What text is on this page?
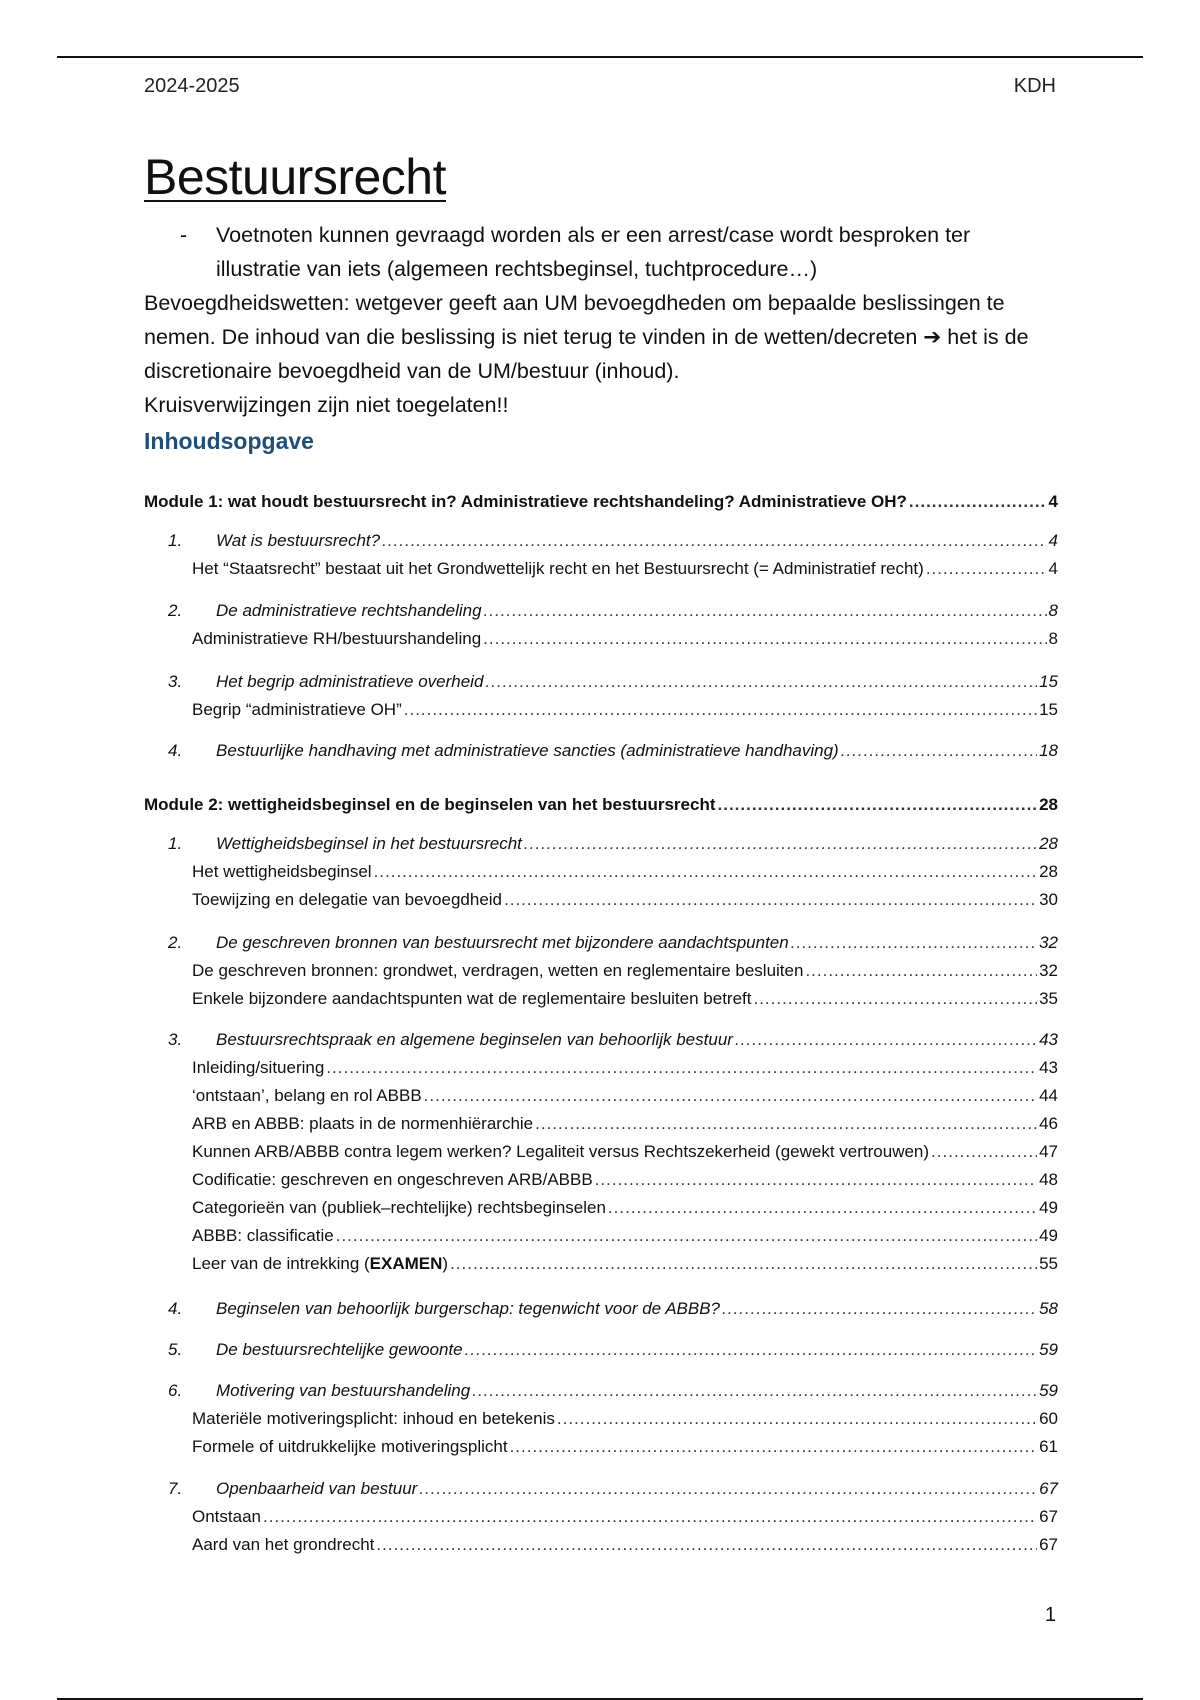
2024-2025	KDH
Bestuursrecht
- Voetnoten kunnen gevraagd worden als er een arrest/case wordt besproken ter illustratie van iets (algemeen rechtsbeginsel, tuchtprocedure…)

Bevoegdheidswetten: wetgever geeft aan UM bevoegdheden om bepaalde beslissingen te nemen. De inhoud van die beslissing is niet terug te vinden in de wetten/decreten ➔ het is de discretionaire bevoegdheid van de UM/bestuur (inhoud).

Kruisverwijzingen zijn niet toegelaten!!

Inhoudsopgave
Module 1: wat houdt bestuursrecht in? Administratieve rechtshandeling? Administratieve OH? .....	4
1. Wat is bestuursrecht? .....	4
Het “Staatsrecht” bestaat uit het Grondwettelijk recht en het Bestuursrecht (= Administratief recht) .....	4
2. De administratieve rechtshandeling .....	8
Administratieve RH/bestuurshandeling .....	8
3. Het begrip administratieve overheid .....	15
Begrip “administratieve OH” .....	15
4. Bestuurlijke handhaving met administratieve sancties (administratieve handhaving) .....	18
Module 2: wettigheidsbeginsel en de beginselen van het bestuursrecht .....	28
1. Wettigheidsbeginsel in het bestuursrecht .....	28
Het wettigheidsbeginsel .....	28
Toewijzing en delegatie van bevoegdheid .....	30
2. De geschreven bronnen van bestuursrecht met bijzondere aandachtspunten .....	32
De geschreven bronnen: grondwet, verdragen, wetten en reglementaire besluiten .....	32
Enkele bijzondere aandachtspunten wat de reglementaire besluiten betreft .....	35
3. Bestuursrechtspraak en algemene beginselen van behoorlijk bestuur .....	43
Inleiding/situering .....	43
‘ontstaan’, belang en rol ABBB .....	44
ARB en ABBB: plaats in de normenhiërarchie .....	46
Kunnen ARB/ABBB contra legem werken? Legaliteit versus Rechtszekerheid (gewekt vertrouwen) .....	47
Codificatie: geschreven en ongeschreven ARB/ABBB .....	48
Categorieën van (publiek–rechtelijke) rechtsbeginselen .....	49
ABBB: classificatie .....	49
Leer van de intrekking (EXAMEN) .....	55
4. Beginselen van behoorlijk burgerschap: tegenwicht voor de ABBB? .....	58
5. De bestuursrechtelijke gewoonte .....	59
6. Motivering van bestuurshandeling .....	59
Materiële motiveringsplicht: inhoud en betekenis .....	60
Formele of uitdrukkelijke motiveringsplicht .....	61
7. Openbaarheid van bestuur .....	67
Ontstaan .....	67
Aard van het grondrecht .....	67
1
